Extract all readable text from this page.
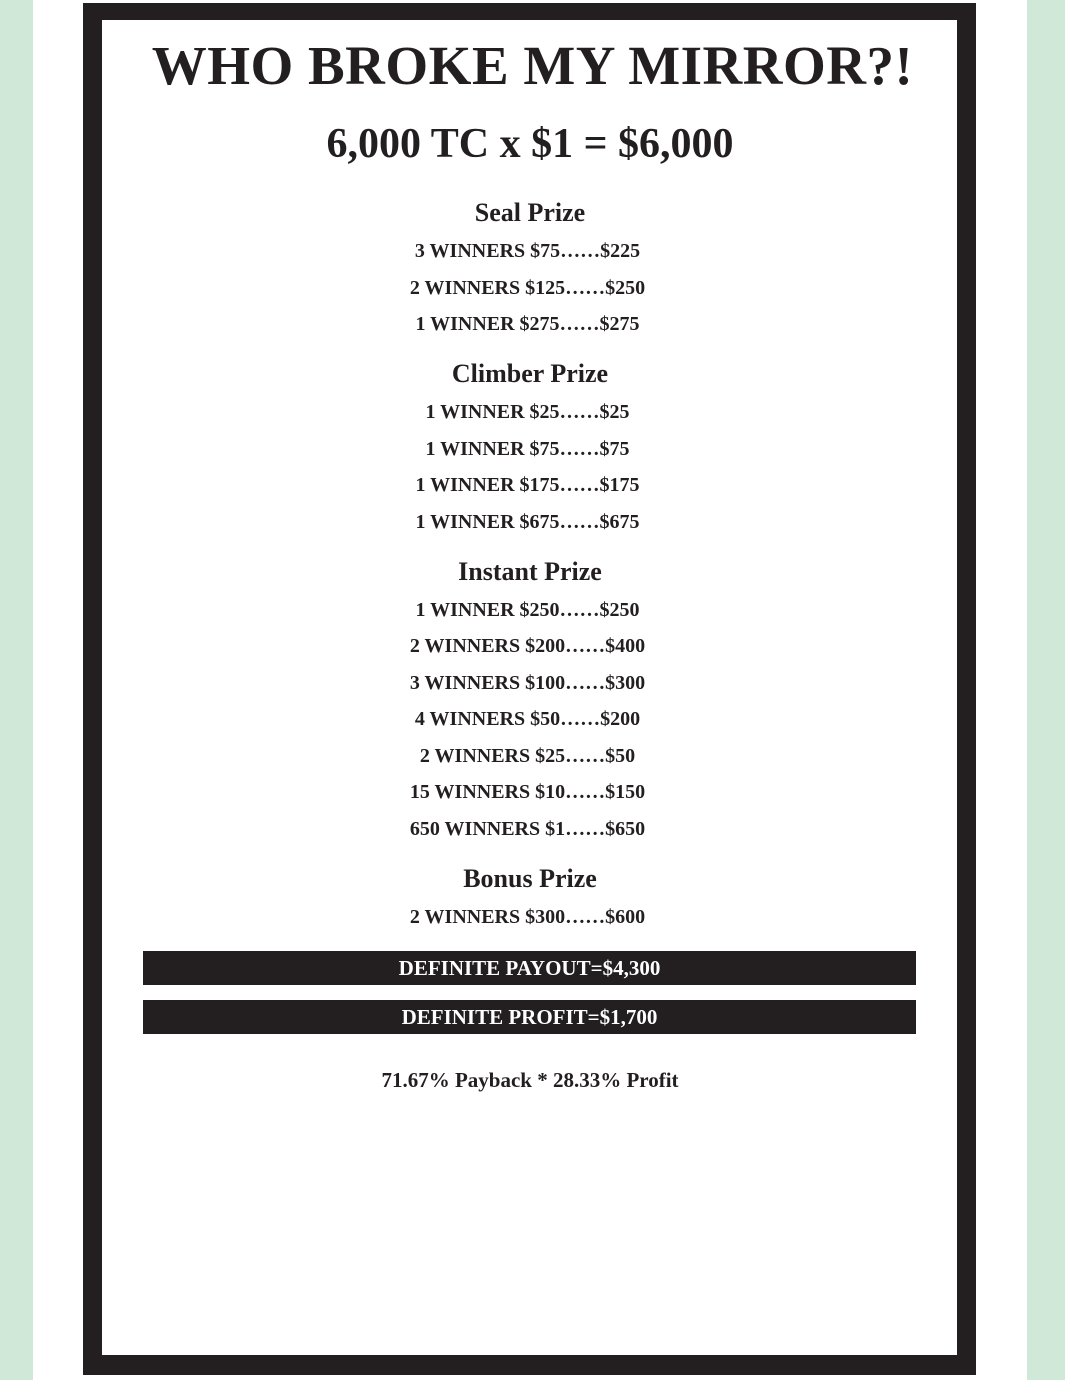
WHO BROKE MY MIRROR?!
6,000 TC x $1 = $6,000
Seal Prize
3 WINNERS $75……$225
2 WINNERS $125……$250
1 WINNER $275……$275
Climber Prize
1 WINNER $25……$25
1 WINNER $75……$75
1 WINNER $175……$175
1 WINNER $675……$675
Instant Prize
1 WINNER $250……$250
2 WINNERS $200……$400
3 WINNERS $100……$300
4 WINNERS $50……$200
2 WINNERS $25……$50
15 WINNERS $10……$150
650 WINNERS $1……$650
Bonus Prize
2 WINNERS $300……$600
DEFINITE PAYOUT=$4,300
DEFINITE PROFIT=$1,700
71.67% Payback * 28.33% Profit
